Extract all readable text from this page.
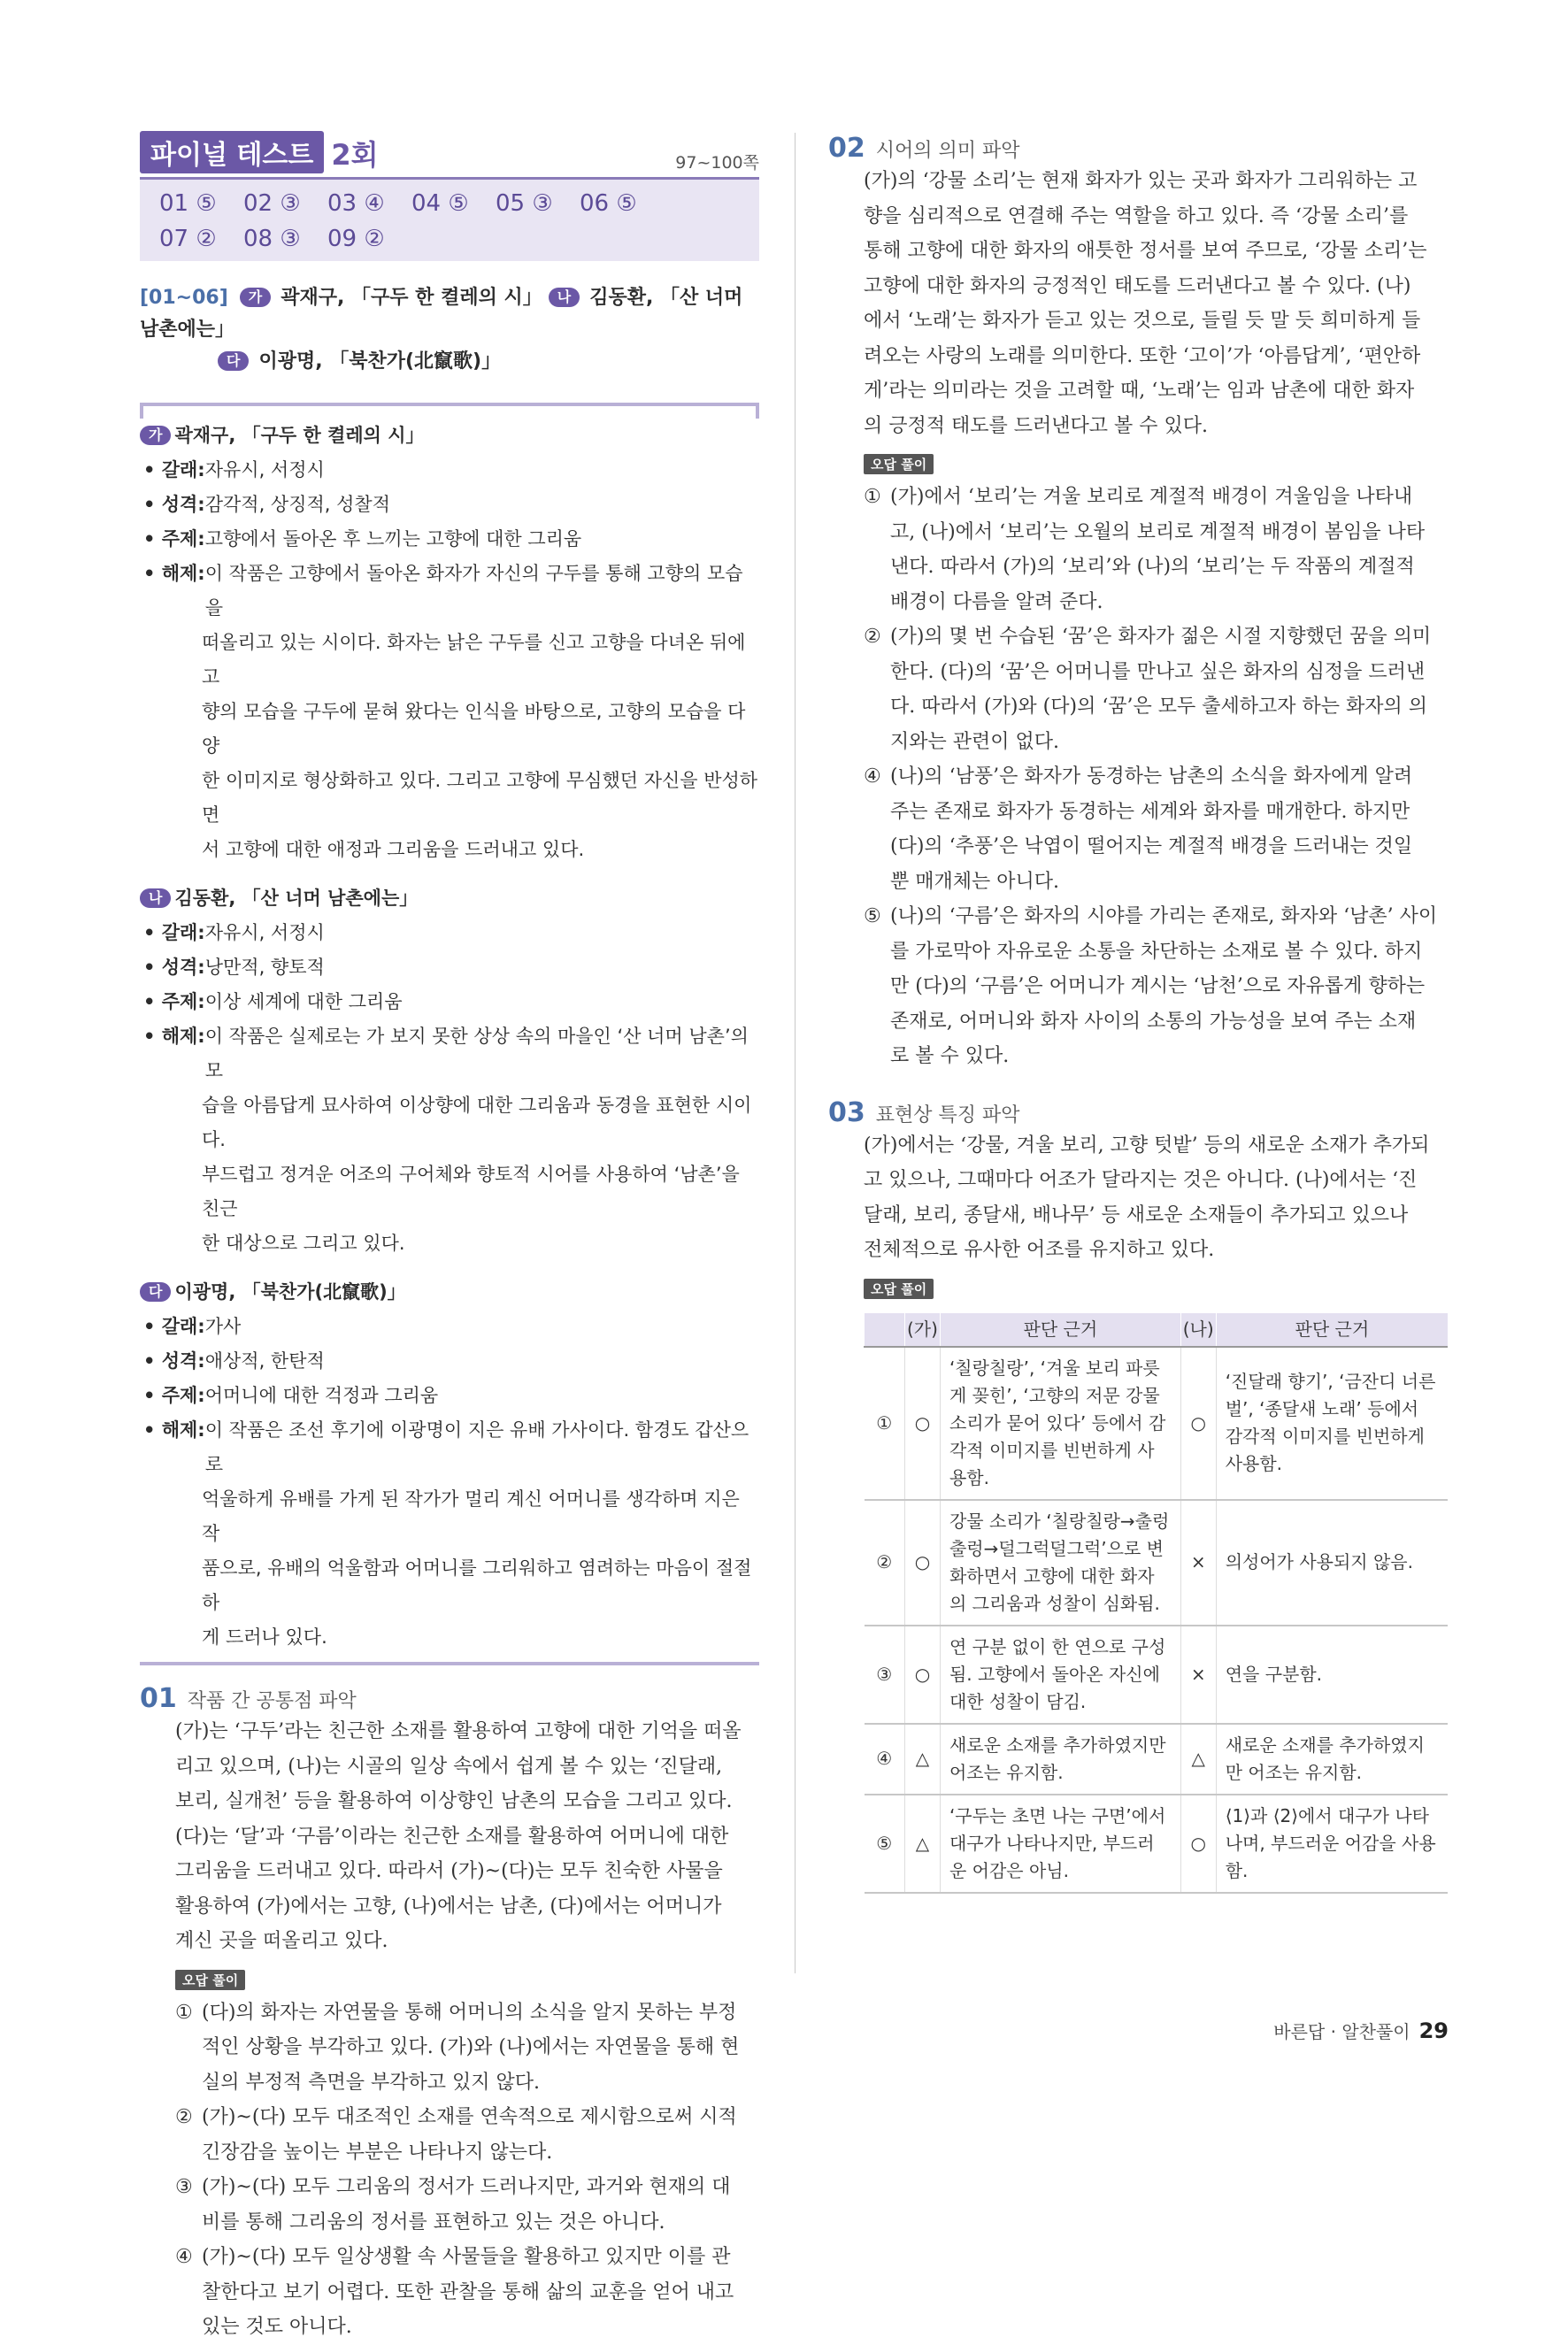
파이널 테스트 2회	97~100쪽
01 ⑤	02 ③	03 ④	04 ⑤	05 ③	06 ⑤
07 ②	08 ③	09 ②
[01~06] 가 곽재구, 「구두 한 켤레의 시」 나 김동환, 「산 너머 남촌에는」
다 이광명, 「북찬가(北竄歌)」
가 곽재구, 「구두 한 켤레의 시」
• 갈래: 자유시, 서정시
• 성격: 감각적, 상징적, 성찰적
• 주제: 고향에서 돌아온 후 느끼는 고향에 대한 그리움
• 해제: 이 작품은 고향에서 돌아온 화자가 자신의 구두를 통해 고향의 모습을
떠올리고 있는 시이다. 화자는 낡은 구두를 신고 고향을 다녀온 뒤에 고
향의 모습을 구두에 묻혀 왔다는 인식을 바탕으로, 고향의 모습을 다양
한 이미지로 형상화하고 있다. 그리고 고향에 무심했던 자신을 반성하면
서 고향에 대한 애정과 그리움을 드러내고 있다.
나 김동환, 「산 너머 남촌에는」
• 갈래: 자유시, 서정시
• 성격: 낭만적, 향토적
• 주제: 이상 세계에 대한 그리움
• 해제: 이 작품은 실제로는 가 보지 못한 상상 속의 마을인 ‘산 너머 남촌’의 모
습을 아름답게 묘사하여 이상향에 대한 그리움과 동경을 표현한 시이다.
부드럽고 정겨운 어조의 구어체와 향토적 시어를 사용하여 ‘남촌’을 친근
한 대상으로 그리고 있다.
다 이광명, 「북찬가(北竄歌)」
• 갈래: 가사
• 성격: 애상적, 한탄적
• 주제: 어머니에 대한 걱정과 그리움
• 해제: 이 작품은 조선 후기에 이광명이 지은 유배 가사이다. 함경도 갑산으로
억울하게 유배를 가게 된 작가가 멀리 계신 어머니를 생각하며 지은 작
품으로, 유배의 억울함과 어머니를 그리워하고 염려하는 마음이 절절하
게 드러나 있다.
01 작품 간 공통점 파악
(가)는 ‘구두’라는 친근한 소재를 활용하여 고향에 대한 기억을 떠올
리고 있으며, (나)는 시골의 일상 속에서 쉽게 볼 수 있는 ‘진달래,
보리, 실개천’ 등을 활용하여 이상향인 남촌의 모습을 그리고 있다.
(다)는 ‘달’과 ‘구름’이라는 친근한 소재를 활용하여 어머니에 대한
그리움을 드러내고 있다. 따라서 (가)~(다)는 모두 친숙한 사물을
활용하여 (가)에서는 고향, (나)에서는 남촌, (다)에서는 어머니가
계신 곳을 떠올리고 있다.
오답 풀이
① (다)의 화자는 자연물을 통해 어머니의 소식을 알지 못하는 부정
적인 상황을 부각하고 있다. (가)와 (나)에서는 자연물을 통해 현
실의 부정적 측면을 부각하고 있지 않다.
② (가)~(다) 모두 대조적인 소재를 연속적으로 제시함으로써 시적
긴장감을 높이는 부분은 나타나지 않는다.
③ (가)~(다) 모두 그리움의 정서가 드러나지만, 과거와 현재의 대
비를 통해 그리움의 정서를 표현하고 있는 것은 아니다.
④ (가)~(다) 모두 일상생활 속 사물들을 활용하고 있지만 이를 관
찰한다고 보기 어렵다. 또한 관찰을 통해 삶의 교훈을 얻어 내고
있는 것도 아니다.
02 시어의 의미 파악
(가)의 ‘강물 소리’는 현재 화자가 있는 곳과 화자가 그리워하는 고
향을 심리적으로 연결해 주는 역할을 하고 있다. 즉 ‘강물 소리’를
통해 고향에 대한 화자의 애틋한 정서를 보여 주므로, ‘강물 소리’는
고향에 대한 화자의 긍정적인 태도를 드러낸다고 볼 수 있다. (나)
에서 ‘노래’는 화자가 듣고 있는 것으로, 들릴 듯 말 듯 희미하게 들
려오는 사랑의 노래를 의미한다. 또한 ‘고이’가 ‘아름답게’, ‘편안하
게’라는 의미라는 것을 고려할 때, ‘노래’는 임과 남촌에 대한 화자
의 긍정적 태도를 드러낸다고 볼 수 있다.
오답 풀이
① (가)에서 ‘보리’는 겨울 보리로 계절적 배경이 겨울임을 나타내
고, (나)에서 ‘보리’는 오월의 보리로 계절적 배경이 봄임을 나타
낸다. 따라서 (가)의 ‘보리’와 (나)의 ‘보리’는 두 작품의 계절적
배경이 다름을 알려 준다.
② (가)의 몇 번 수습된 ‘꿈’은 화자가 젊은 시절 지향했던 꿈을 의미
한다. (다)의 ‘꿈’은 어머니를 만나고 싶은 화자의 심정을 드러낸
다. 따라서 (가)와 (다)의 ‘꿈’은 모두 출세하고자 하는 화자의 의
지와는 관련이 없다.
④ (나)의 ‘남풍’은 화자가 동경하는 남촌의 소식을 화자에게 알려
주는 존재로 화자가 동경하는 세계와 화자를 매개한다. 하지만
(다)의 ‘추풍’은 낙엽이 떨어지는 계절적 배경을 드러내는 것일
뿐 매개체는 아니다.
⑤ (나)의 ‘구름’은 화자의 시야를 가리는 존재로, 화자와 ‘남촌’ 사이
를 가로막아 자유로운 소통을 차단하는 소재로 볼 수 있다. 하지
만 (다)의 ‘구름’은 어머니가 계시는 ‘남천’으로 자유롭게 향하는
존재로, 어머니와 화자 사이의 소통의 가능성을 보여 주는 소재
로 볼 수 있다.
03 표현상 특징 파악
(가)에서는 ‘강물, 겨울 보리, 고향 텃밭’ 등의 새로운 소재가 추가되
고 있으나, 그때마다 어조가 달라지는 것은 아니다. (나)에서는 ‘진
달래, 보리, 종달새, 배나무’ 등 새로운 소재들이 추가되고 있으나
전체적으로 유사한 어조를 유지하고 있다.
오답 풀이
	(가)	판단 근거	(나)	판단 근거
①	○	‘칠랑칠랑’, ‘겨울 보리 파릇게 꽂힌’, ‘고향의 저문 강물 소리가 묻어 있다’ 등에서 감각적 이미지를 빈번하게 사용함.	○	‘진달래 향기’, ‘금잔디 너른 벌’, ‘종달새 노래’ 등에서 감각적 이미지를 빈번하게 사용함.
②	○	강물 소리가 ‘칠랑칠랑→출렁출렁→덜그럭덜그럭’으로 변화하면서 고향에 대한 화자의 그리움과 성찰이 심화됨.	×	의성어가 사용되지 않음.
③	○	연 구분 없이 한 연으로 구성됨. 고향에서 돌아온 자신에 대한 성찰이 담김.	×	연을 구분함.
④	△	새로운 소재를 추가하였지만 어조는 유지함.	△	새로운 소재를 추가하였지만 어조는 유지함.
⑤	△	‘구두는 초면 나는 구면’에서 대구가 나타나지만, 부드러운 어감은 아님.	○	⟨1⟩과 ⟨2⟩에서 대구가 나타나며, 부드러운 어감을 사용함.
바른답 · 알찬풀이 29
